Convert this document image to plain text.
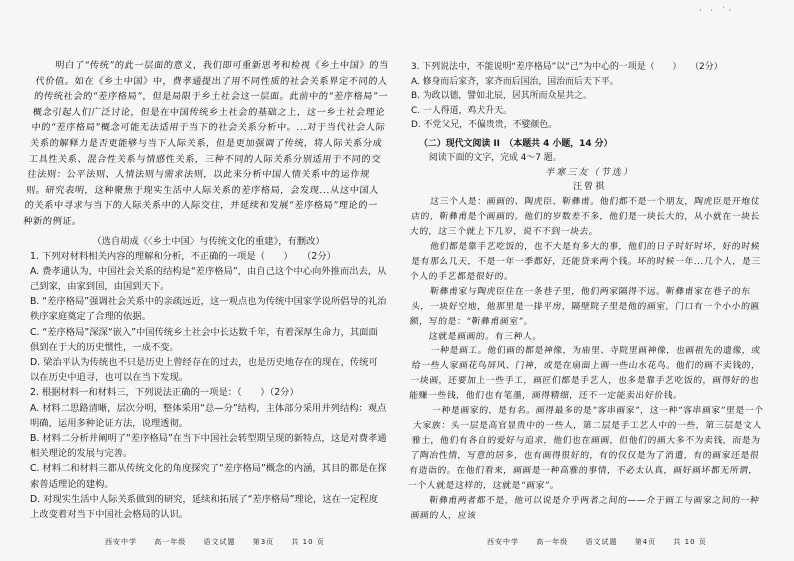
明白了“传统”的此一层面的意义，我们即可重新思考和检视《乡土中国》的当代价值。如在《乡土中国》中，费孝通提出了用不同性质的社会关系界定不同的人的传统社会的“差序格局”，但是局限于乡土社会这一层面。此前中的“差序格局”一概念引起人们广泛讨论，但是在中国传统乡土社会的基础之上，这一乡土社会理论中的“差序格局”概念可能无法适用于当下的社会关系分析中。...对于当代社会人际关系的解释力是否更能够与当下人际关系，但是更加强调了传统，将人际关系分成工具性关系、混合性关系与情感性关系，三种不同的人际关系分别适用于不同的交往法则：公平法则、人情法则与需求法则，以此来分析中国人情关系中的运作规则。研究表明，这种聚焦于现实生活中人际关系的差序格局，会发现...从这中国人的关系中寻求与当下的人际关系中的人际交往，并延续和发展“差序格局”理论的一种新的例证。

（选自胡成《〈乡土中国〉与传统文化的重建》，有删改）

1. 下列对材料相关内容的理解和分析，不正确的一项是（　　）　　（2分）

A. 费孝通认为，中国社会关系的结构是“差序格局”，由自己这个中心向外推而出去，从己到家，由家到国，由国到天下。

B. “差序格局”强调社会关系中的亲疏远近，这一观点也为传统中国家学说所倡导的礼治秩序家庭奠定了合理的依据。

C. “差序格局”深深“嵌入”中国传统乡土社会中长达数千年，有着深厚生命力，其面面俱到在于大的历史惯性，一成不变。

D. 梁治平认为传统也不只是历史上曾经存在的过去，也是历史地存在的现在，传统可以在历史中追寻，也可以在当下发现。

2. 根据材料一和材料三，下列说法正确的一项是：（　　）（2分）

A. 材料二思路清晰，层次分明，整体采用“总—分”结构，主体部分采用并列结构：观点明确，运用多种论证方法，说理透彻。

B. 材料二分析并阐明了“差序格局”在当下中国社会转型期呈现的新特点，这是对费孝通相关理论的发展与完善。

C. 材料二和材料三都从传统文化的角度探究了“差序格局”概念的内涵，其目的都是在探索普适理论的建构。

D. 对现实生活中人际关系做到的研究，延续和拓展了“差序格局”理论，这在一定程度上改变着对当下中国社会格局的认识。

西安中学 高一年级 语文试题 第3页 共 10 页
· · ˙·

3. 下列说法中，不能说明“差序格局”以“己”为中心的一项是（　　）　　（2分）

A. 修身而后家齐，家齐而后国治，国治而后天下平。

B. 为政以德，譬如北辰，居其所而众星共之。

C. 一人得道，鸡犬升天。

D. 不党父兄，不偏贵贵，不嬖颜色。

（二）现代文阅读 II　（本题共 4 小题，14 分）

阅读下面的文字，完成 4～7 题。

半寒三友（节选）

汪曾祺

这三个人是：画画的、陶虎臣、靳彝甫。他们都不是一个朋友，陶虎臣是开炮仗店的，靳彝甫是个画画的。他们的岁数差不多，他们是一块长大的，从小就在一块长大的，这三个就上下几岁，说不不到一块去。

他们都是靠手艺吃饭的，也不大是有多大的事，他们的日子时好时坏，好的时候是有那么几天，不是一年一季都好，还能贷来两个钱。坏的时候一年...几个人，是三个人的手艺都是很好的。

靳彝甫家与陶虎臣住在一条巷子里，他们两家隔得不远。靳彝甫家在巷子的东头，一块好空地，他那里是一排平房，隔壁院子里是他的画室，门口有一个小小的匾额，写的是：“靳彝甫画室”。

这就是画画的。有三种人。

一种是画工。他们画的都是神像，为庙里、寺院里画神像，也画祖先的遗像，或给一些人家画花鸟屏风、门神，或是在扇面上画一些山水花鸟。他们的画不卖钱的，一块画，还要加上一些手工，画匠们都是手艺人，也多是靠手艺吃饭的，画得好的也能赚一些钱，他们也有笔墨，画得精细，还不一定能卖出好价钱。

一种是画家的，是有名。画得最多的是“客串画家”，这一种“客串画家”里是一个大家族：头一层是高官显贵中的一些人，第二层是手工艺人中的一些，第三层是文人雅士，他们有各自的爱好与追求，他们也在画画，但他们的画大多不为卖钱，而是为了陶冶性情，写意的居多，也有画得很好的，有的仅仅是为了消遣，有的画家还是很有造诣的。在他们看来，画画是一种高雅的事情，不必太认真，画好画坏都无所谓，一个人就是这样的，这就是“画家”。

靳彝甫两者都不是，他可以说是介乎两者之间的——介于画工与画家之间的一种画画的人，应该

西安中学 高一年级 语文试题 第4页 共 10 页
